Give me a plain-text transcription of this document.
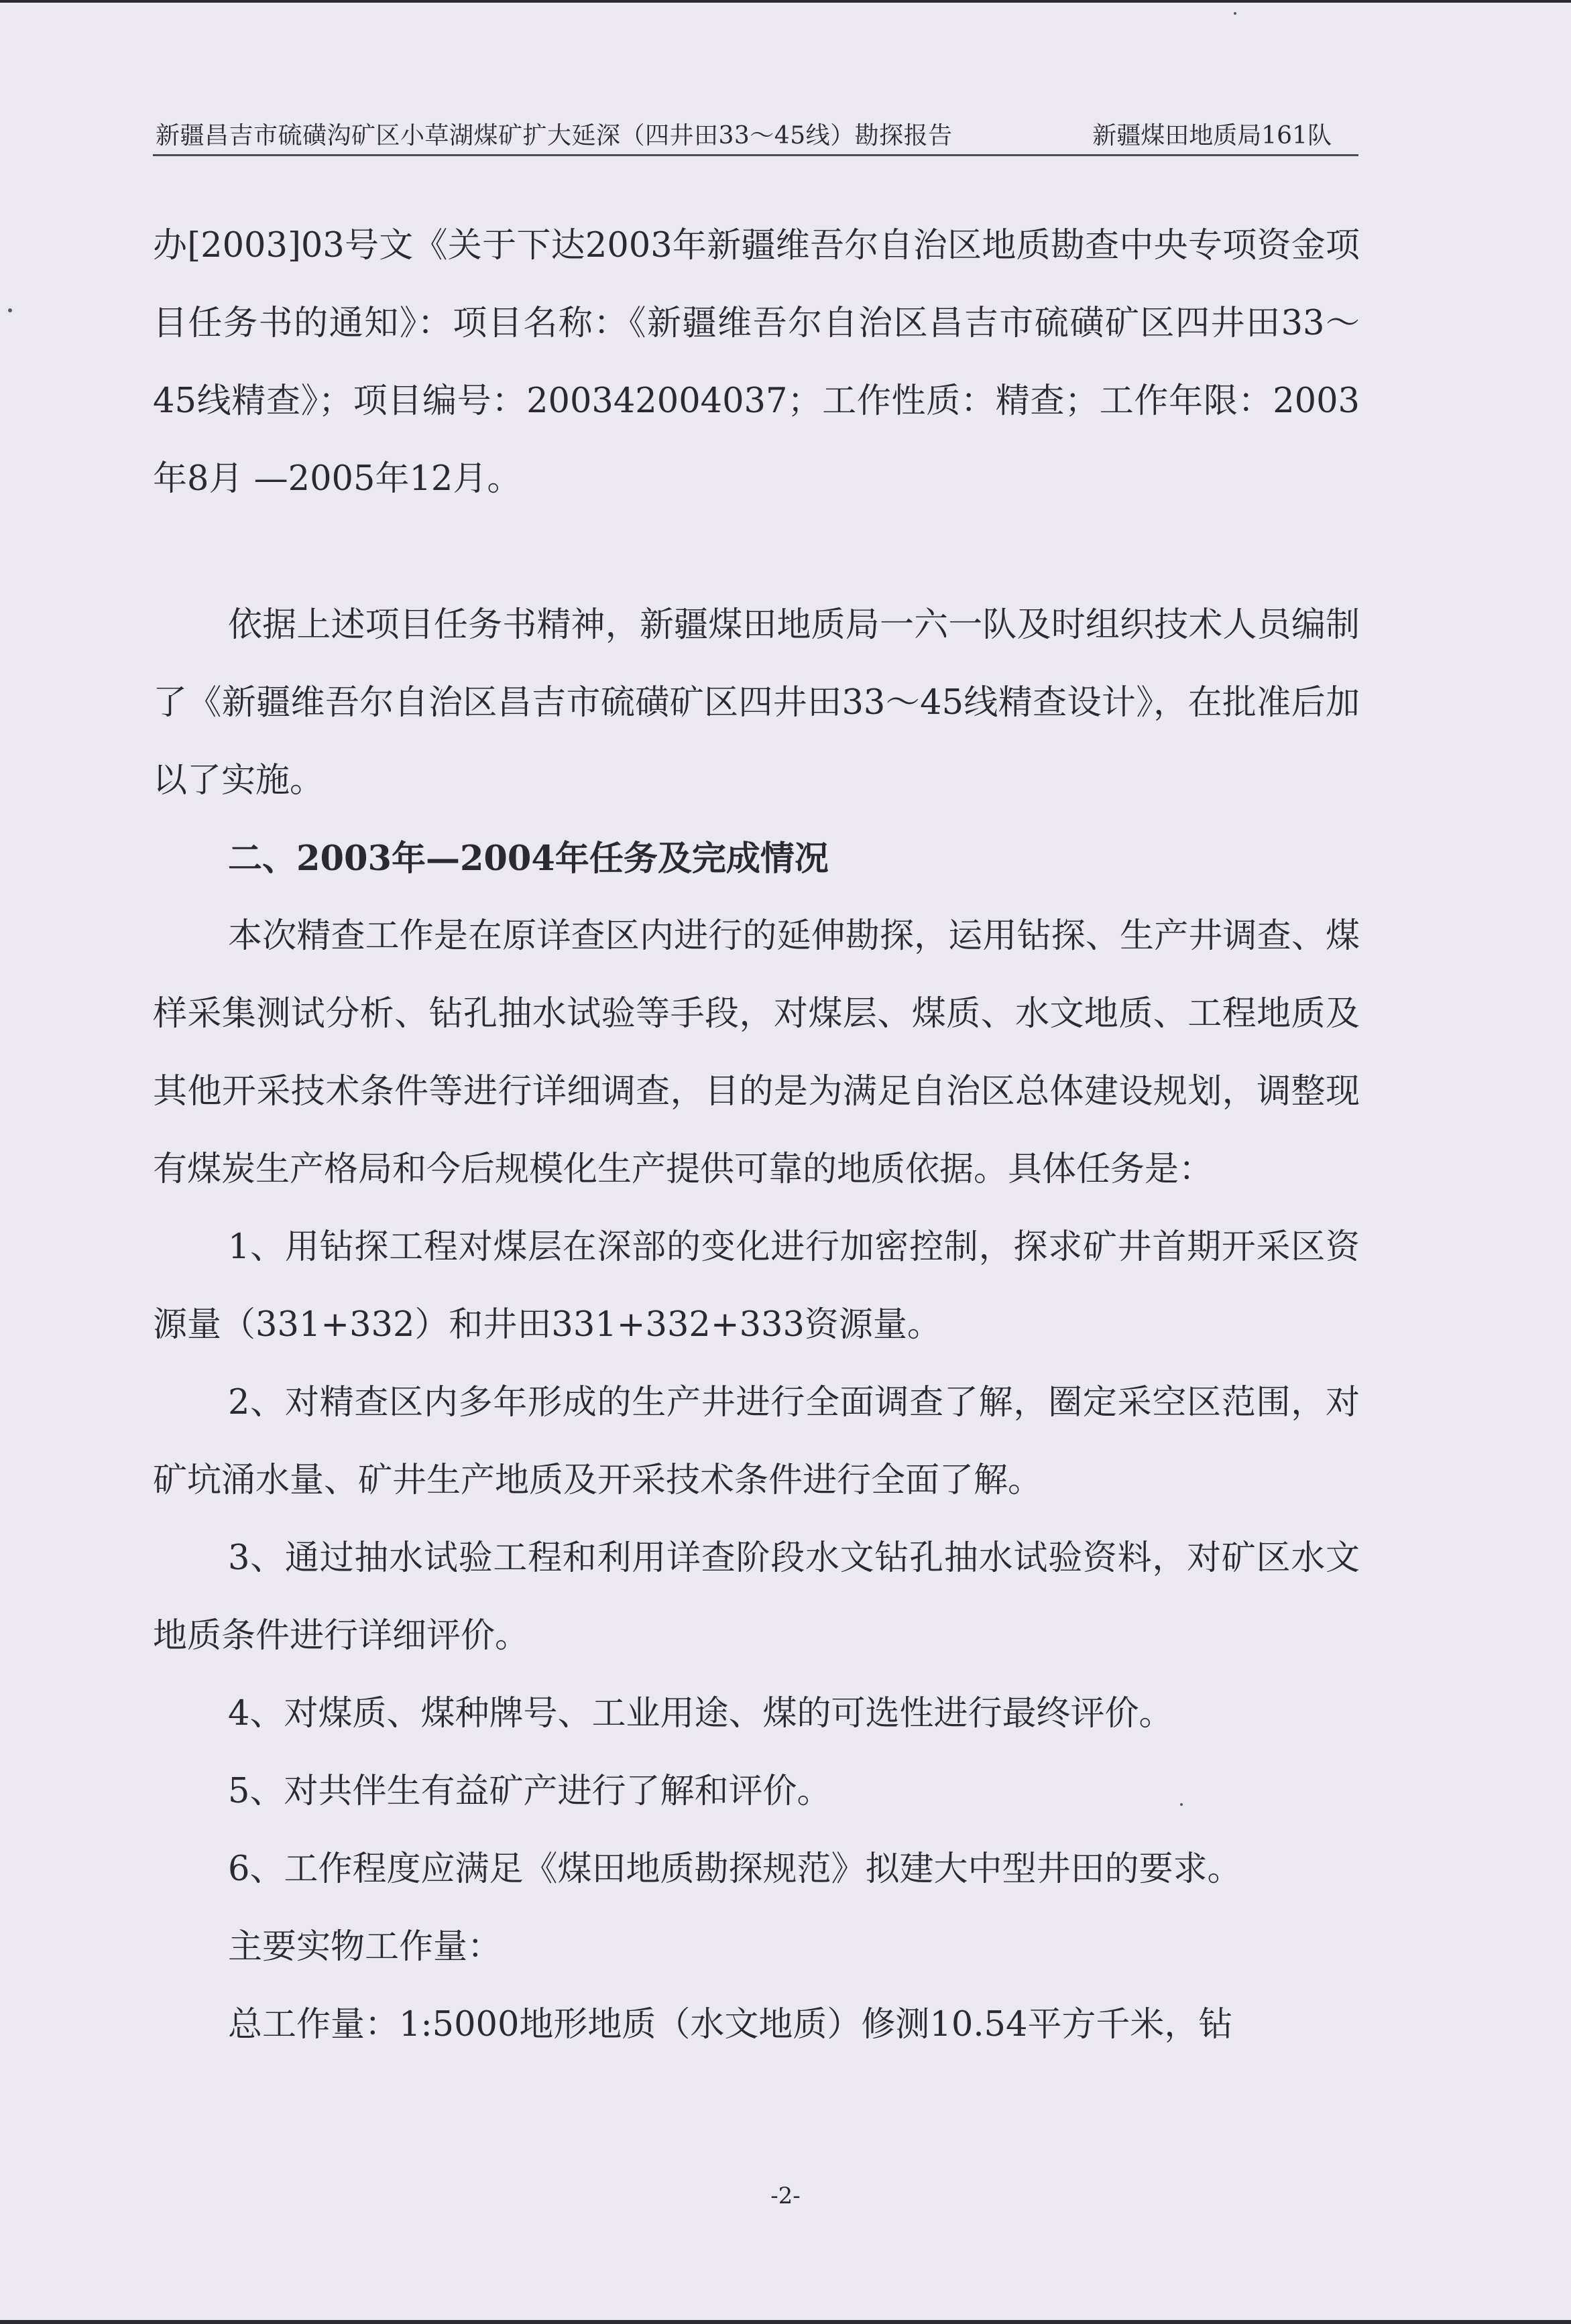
新疆昌吉市硫磺沟矿区小草湖煤矿扩大延深（四井田33～45线）勘探报告	新疆煤田地质局161队

办[2003]03号文《关于下达2003年新疆维吾尔自治区地质勘查中央专项资金项目任务书的通知》：项目名称：《新疆维吾尔自治区昌吉市硫磺矿区四井田33～45线精查》；项目编号：200342004037；工作性质：精查；工作年限：2003年8月 —2005年12月。

依据上述项目任务书精神，新疆煤田地质局一六一队及时组织技术人员编制了《新疆维吾尔自治区昌吉市硫磺矿区四井田33～45线精查设计》，在批准后加以了实施。

二、2003年—2004年任务及完成情况

本次精查工作是在原详查区内进行的延伸勘探，运用钻探、生产井调查、煤样采集测试分析、钻孔抽水试验等手段，对煤层、煤质、水文地质、工程地质及其他开采技术条件等进行详细调查，目的是为满足自治区总体建设规划，调整现有煤炭生产格局和今后规模化生产提供可靠的地质依据。具体任务是：

1、用钻探工程对煤层在深部的变化进行加密控制，探求矿井首期开采区资源量（331+332）和井田331+332+333资源量。

2、对精查区内多年形成的生产井进行全面调查了解，圈定采空区范围，对矿坑涌水量、矿井生产地质及开采技术条件进行全面了解。

3、通过抽水试验工程和利用详查阶段水文钻孔抽水试验资料，对矿区水文地质条件进行详细评价。

4、对煤质、煤种牌号、工业用途、煤的可选性进行最终评价。

5、对共伴生有益矿产进行了解和评价。

6、工作程度应满足《煤田地质勘探规范》拟建大中型井田的要求。

主要实物工作量：

总工作量：1:5000地形地质（水文地质）修测10.54平方千米，钻

-2-
